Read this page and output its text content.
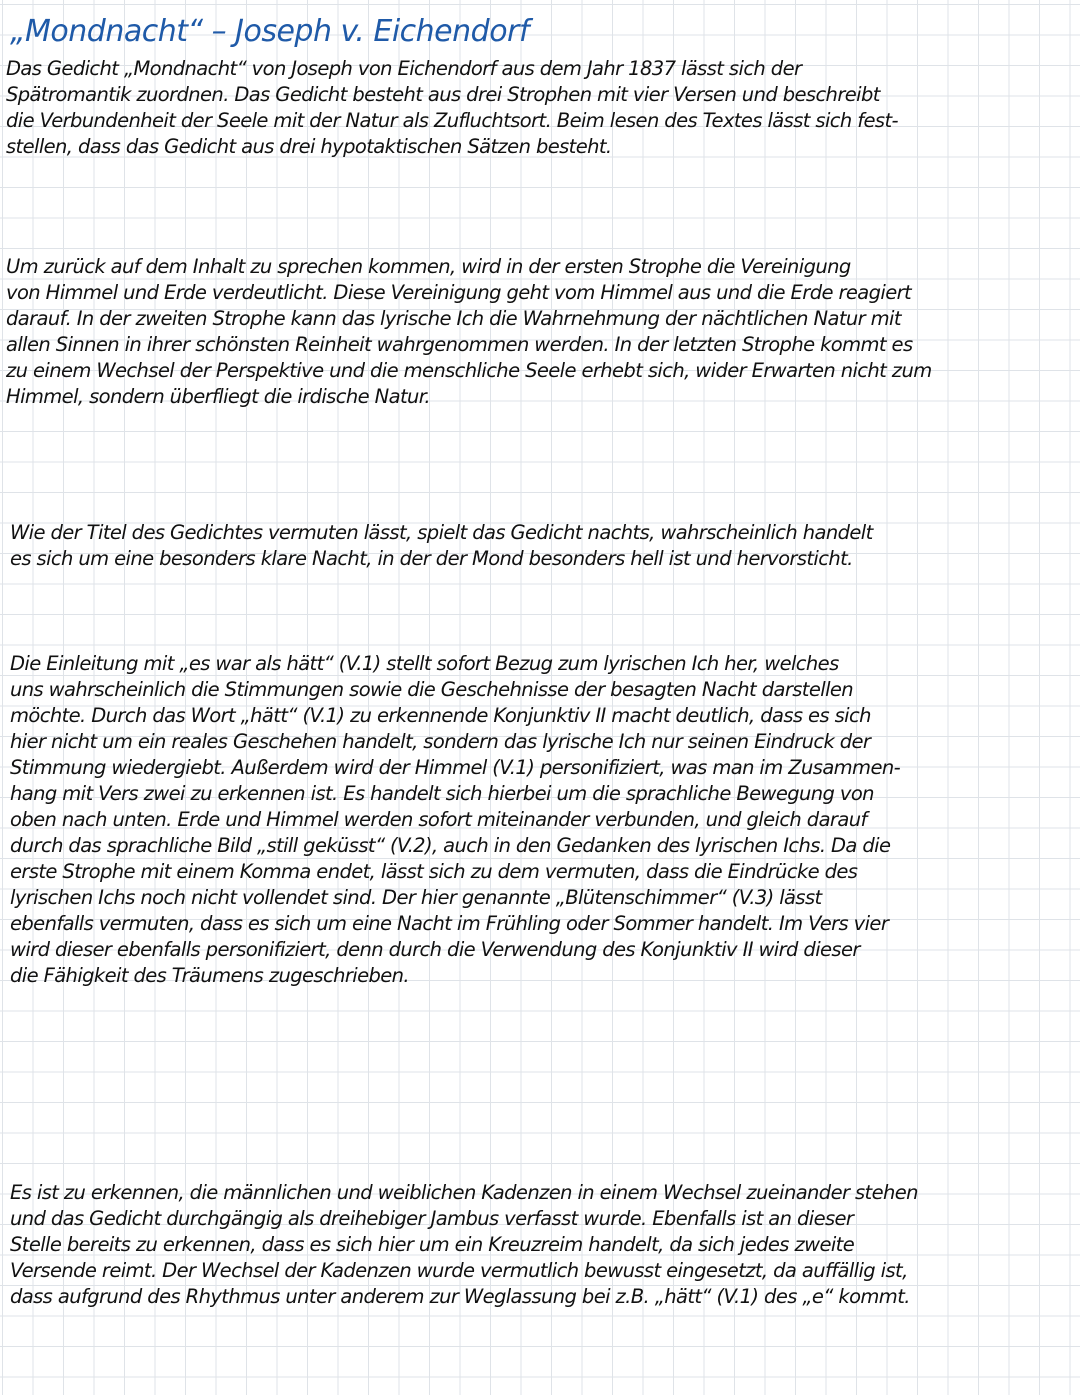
„Mondnacht“ – Joseph v. Eichendorf
Das Gedicht „Mondnacht“ von Joseph von Eichendorf aus dem Jahr 1837 lässt sich der
Spätromantik zuordnen. Das Gedicht besteht aus drei Strophen mit vier Versen und beschreibt
die Verbundenheit der Seele mit der Natur als Zufluchtsort. Beim lesen des Textes lässt sich fest-
stellen, dass das Gedicht aus drei hypotaktischen Sätzen besteht.
Um zurück auf dem Inhalt zu sprechen kommen, wird in der ersten Strophe die Vereinigung
von Himmel und Erde verdeutlicht. Diese Vereinigung geht vom Himmel aus und die Erde reagiert
darauf. In der zweiten Strophe kann das lyrische Ich die Wahrnehmung der nächtlichen Natur mit
allen Sinnen in ihrer schönsten Reinheit wahrgenommen werden. In der letzten Strophe kommt es
zu einem Wechsel der Perspektive und die menschliche Seele erhebt sich, wider Erwarten nicht zum
Himmel, sondern überfliegt die irdische Natur.
Wie der Titel des Gedichtes vermuten lässt, spielt das Gedicht nachts, wahrscheinlich handelt
es sich um eine besonders klare Nacht, in der der Mond besonders hell ist und hervorsticht.
Die Einleitung mit „es war als hätt“ (V.1) stellt sofort Bezug zum lyrischen Ich her, welches
uns wahrscheinlich die Stimmungen sowie die Geschehnisse der besagten Nacht darstellen
möchte. Durch das Wort „hätt“ (V.1) zu erkennende Konjunktiv II macht deutlich, dass es sich
hier nicht um ein reales Geschehen handelt, sondern das lyrische Ich nur seinen Eindruck der
Stimmung wiedergiebt. Außerdem wird der Himmel (V.1) personifiziert, was man im Zusammen-
hang mit Vers zwei zu erkennen ist. Es handelt sich hierbei um die sprachliche Bewegung von
oben nach unten. Erde und Himmel werden sofort miteinander verbunden, und gleich darauf
durch das sprachliche Bild „still geküsst“ (V.2), auch in den Gedanken des lyrischen Ichs. Da die
erste Strophe mit einem Komma endet, lässt sich zu dem vermuten, dass die Eindrücke des
lyrischen Ichs noch nicht vollendet sind. Der hier genannte „Blütenschimmer“ (V.3) lässt
ebenfalls vermuten, dass es sich um eine Nacht im Frühling oder Sommer handelt. Im Vers vier
wird dieser ebenfalls personifiziert, denn durch die Verwendung des Konjunktiv II wird dieser
die Fähigkeit des Träumens zugeschrieben.
Es ist zu erkennen, die männlichen und weiblichen Kadenzen in einem Wechsel zueinander stehen
und das Gedicht durchgängig als dreihebiger Jambus verfasst wurde. Ebenfalls ist an dieser
Stelle bereits zu erkennen, dass es sich hier um ein Kreuzreim handelt, da sich jedes zweite
Versende reimt. Der Wechsel der Kadenzen wurde vermutlich bewusst eingesetzt, da auffällig ist,
dass aufgrund des Rhythmus unter anderem zur Weglassung bei z.B. „hätt“ (V.1) des „e“ kommt.
